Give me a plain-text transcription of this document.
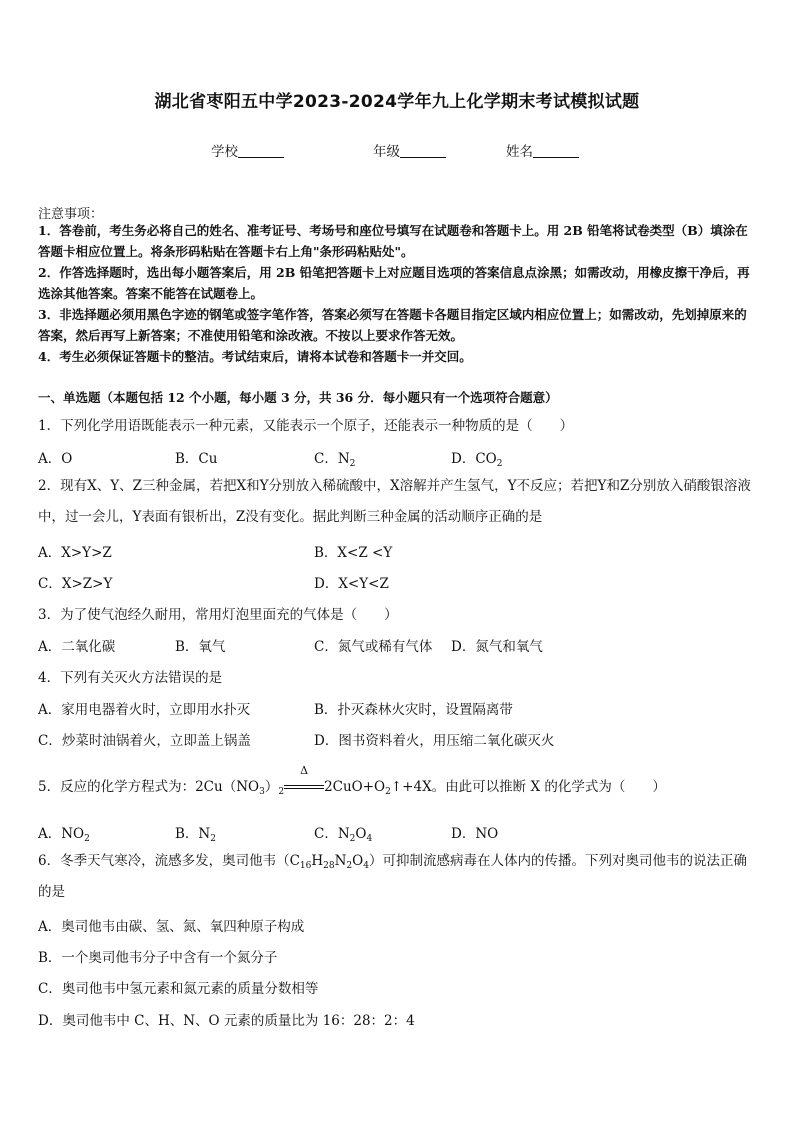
湖北省枣阳五中学2023-2024学年九上化学期末考试模拟试题
学校	年级	姓名
注意事项：
1．答卷前，考生务必将自己的姓名、准考证号、考场号和座位号填写在试题卷和答题卡上。用 2B 铅笔将试卷类型（B）填涂在答题卡相应位置上。将条形码粘贴在答题卡右上角"条形码粘贴处"。
2．作答选择题时，选出每小题答案后，用 2B 铅笔把答题卡上对应题目选项的答案信息点涂黑；如需改动，用橡皮擦干净后，再选涂其他答案。答案不能答在试题卷上。
3．非选择题必须用黑色字迹的钢笔或签字笔作答，答案必须写在答题卡各题目指定区域内相应位置上；如需改动，先划掉原来的答案，然后再写上新答案；不准使用铅笔和涂改液。不按以上要求作答无效。
4．考生必须保证答题卡的整洁。考试结束后，请将本试卷和答题卡一并交回。
一、单选题（本题包括 12 个小题，每小题 3 分，共 36 分．每小题只有一个选项符合题意）
1．下列化学用语既能表示一种元素，又能表示一个原子，还能表示一种物质的是（　　）
A．O	B．Cu	C．$N_2$	D．$CO_2$
2．现有X、Y、Z三种金属，若把X和Y分别放入稀硫酸中，X溶解并产生氢气，Y不反应；若把Y和Z分别放入硝酸银溶液中，过一会儿，Y表面有银析出，Z没有变化。据此判断三种金属的活动顺序正确的是
A．X>Y>Z	B．X<Z <Y
C．X>Z>Y	D．X<Y<Z
3．为了使气泡经久耐用，常用灯泡里面充的气体是（　　）
A．二氧化碳	B．氧气	C．氮气或稀有气体 D．氮气和氧气
4．下列有关灭火方法错误的是
A．家用电器着火时，立即用水扑灭	B．扑灭森林火灾时，设置隔离带
C．炒菜时油锅着火，立即盖上锅盖	D．图书资料着火，用压缩二氧化碳灭火
5．反应的化学方程式为：$2Cu(NO_3)_2$
Δ
$2CuO+O_2↑+4X$。由此可以推断 X 的化学式为（　　）
A．$NO_2$	B．$N_2$	C．$N_2O_4$	D．NO
6．冬季天气寒冷，流感多发，奥司他韦$(C_{16}H_{28}N_2O_4)$可抑制流感病毒在人体内的传播。下列对奥司他韦的说法正确的是
A．奥司他韦由碳、氢、氮、氧四种原子构成
B．一个奥司他韦分子中含有一个氮分子
C．奥司他韦中氢元素和氮元素的质量分数相等
D．奥司他韦中 C、H、N、O 元素的质量比为 16：28：2：4
